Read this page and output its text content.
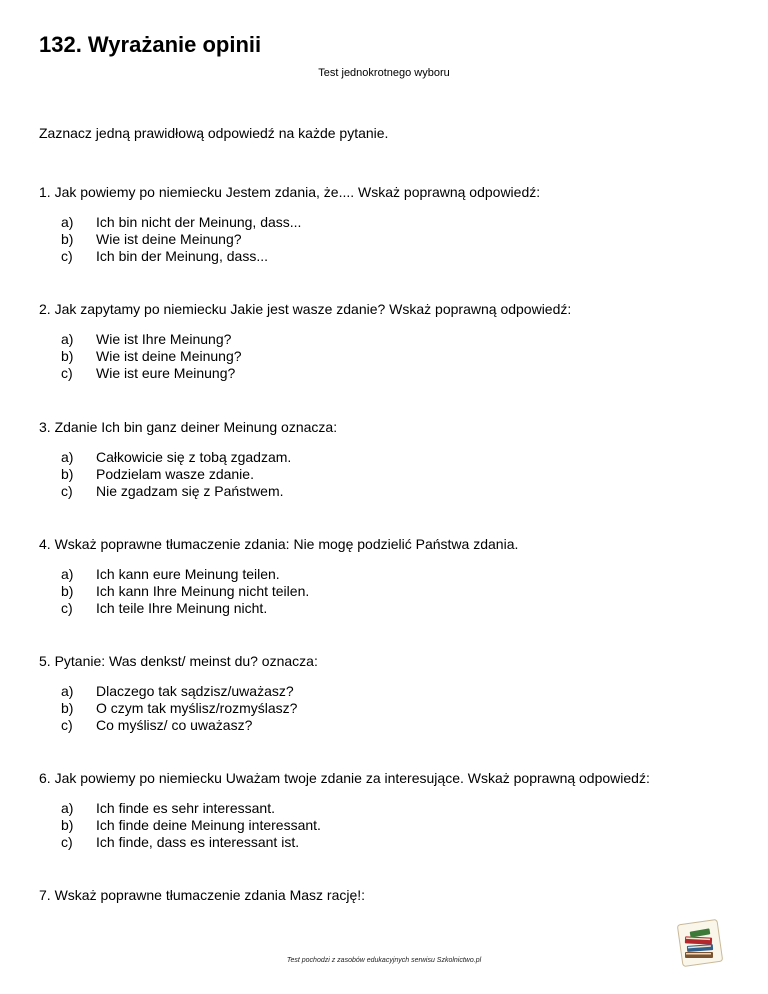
132. Wyrażanie opinii
Test jednokrotnego wyboru
Zaznacz jedną prawidłową odpowiedź na każde pytanie.
1. Jak powiemy po niemiecku Jestem zdania, że.... Wskaż poprawną odpowiedź:
a) Ich bin nicht der Meinung, dass...
b) Wie ist deine Meinung?
c) Ich bin der Meinung, dass...
2. Jak zapytamy po niemiecku Jakie jest wasze zdanie? Wskaż poprawną odpowiedź:
a) Wie ist Ihre Meinung?
b) Wie ist deine Meinung?
c) Wie ist eure Meinung?
3. Zdanie Ich bin ganz deiner Meinung oznacza:
a) Całkowicie się z tobą zgadzam.
b) Podzielam wasze zdanie.
c) Nie zgadzam się z Państwem.
4. Wskaż poprawne tłumaczenie zdania: Nie mogę podzielić Państwa zdania.
a) Ich kann eure Meinung teilen.
b) Ich kann Ihre Meinung nicht teilen.
c) Ich teile Ihre Meinung nicht.
5. Pytanie: Was denkst/ meinst du? oznacza:
a) Dlaczego tak sądzisz/uważasz?
b) O czym tak myślisz/rozmyślasz?
c) Co myślisz/ co uważasz?
6. Jak powiemy po niemiecku Uważam twoje zdanie za interesujące. Wskaż poprawną odpowiedź:
a) Ich finde es sehr interessant.
b) Ich finde deine Meinung interessant.
c) Ich finde, dass es interessant ist.
7. Wskaż poprawne tłumaczenie zdania Masz rację!:
Test pochodzi z zasobów edukacyjnych serwisu Szkolnictwo.pl
